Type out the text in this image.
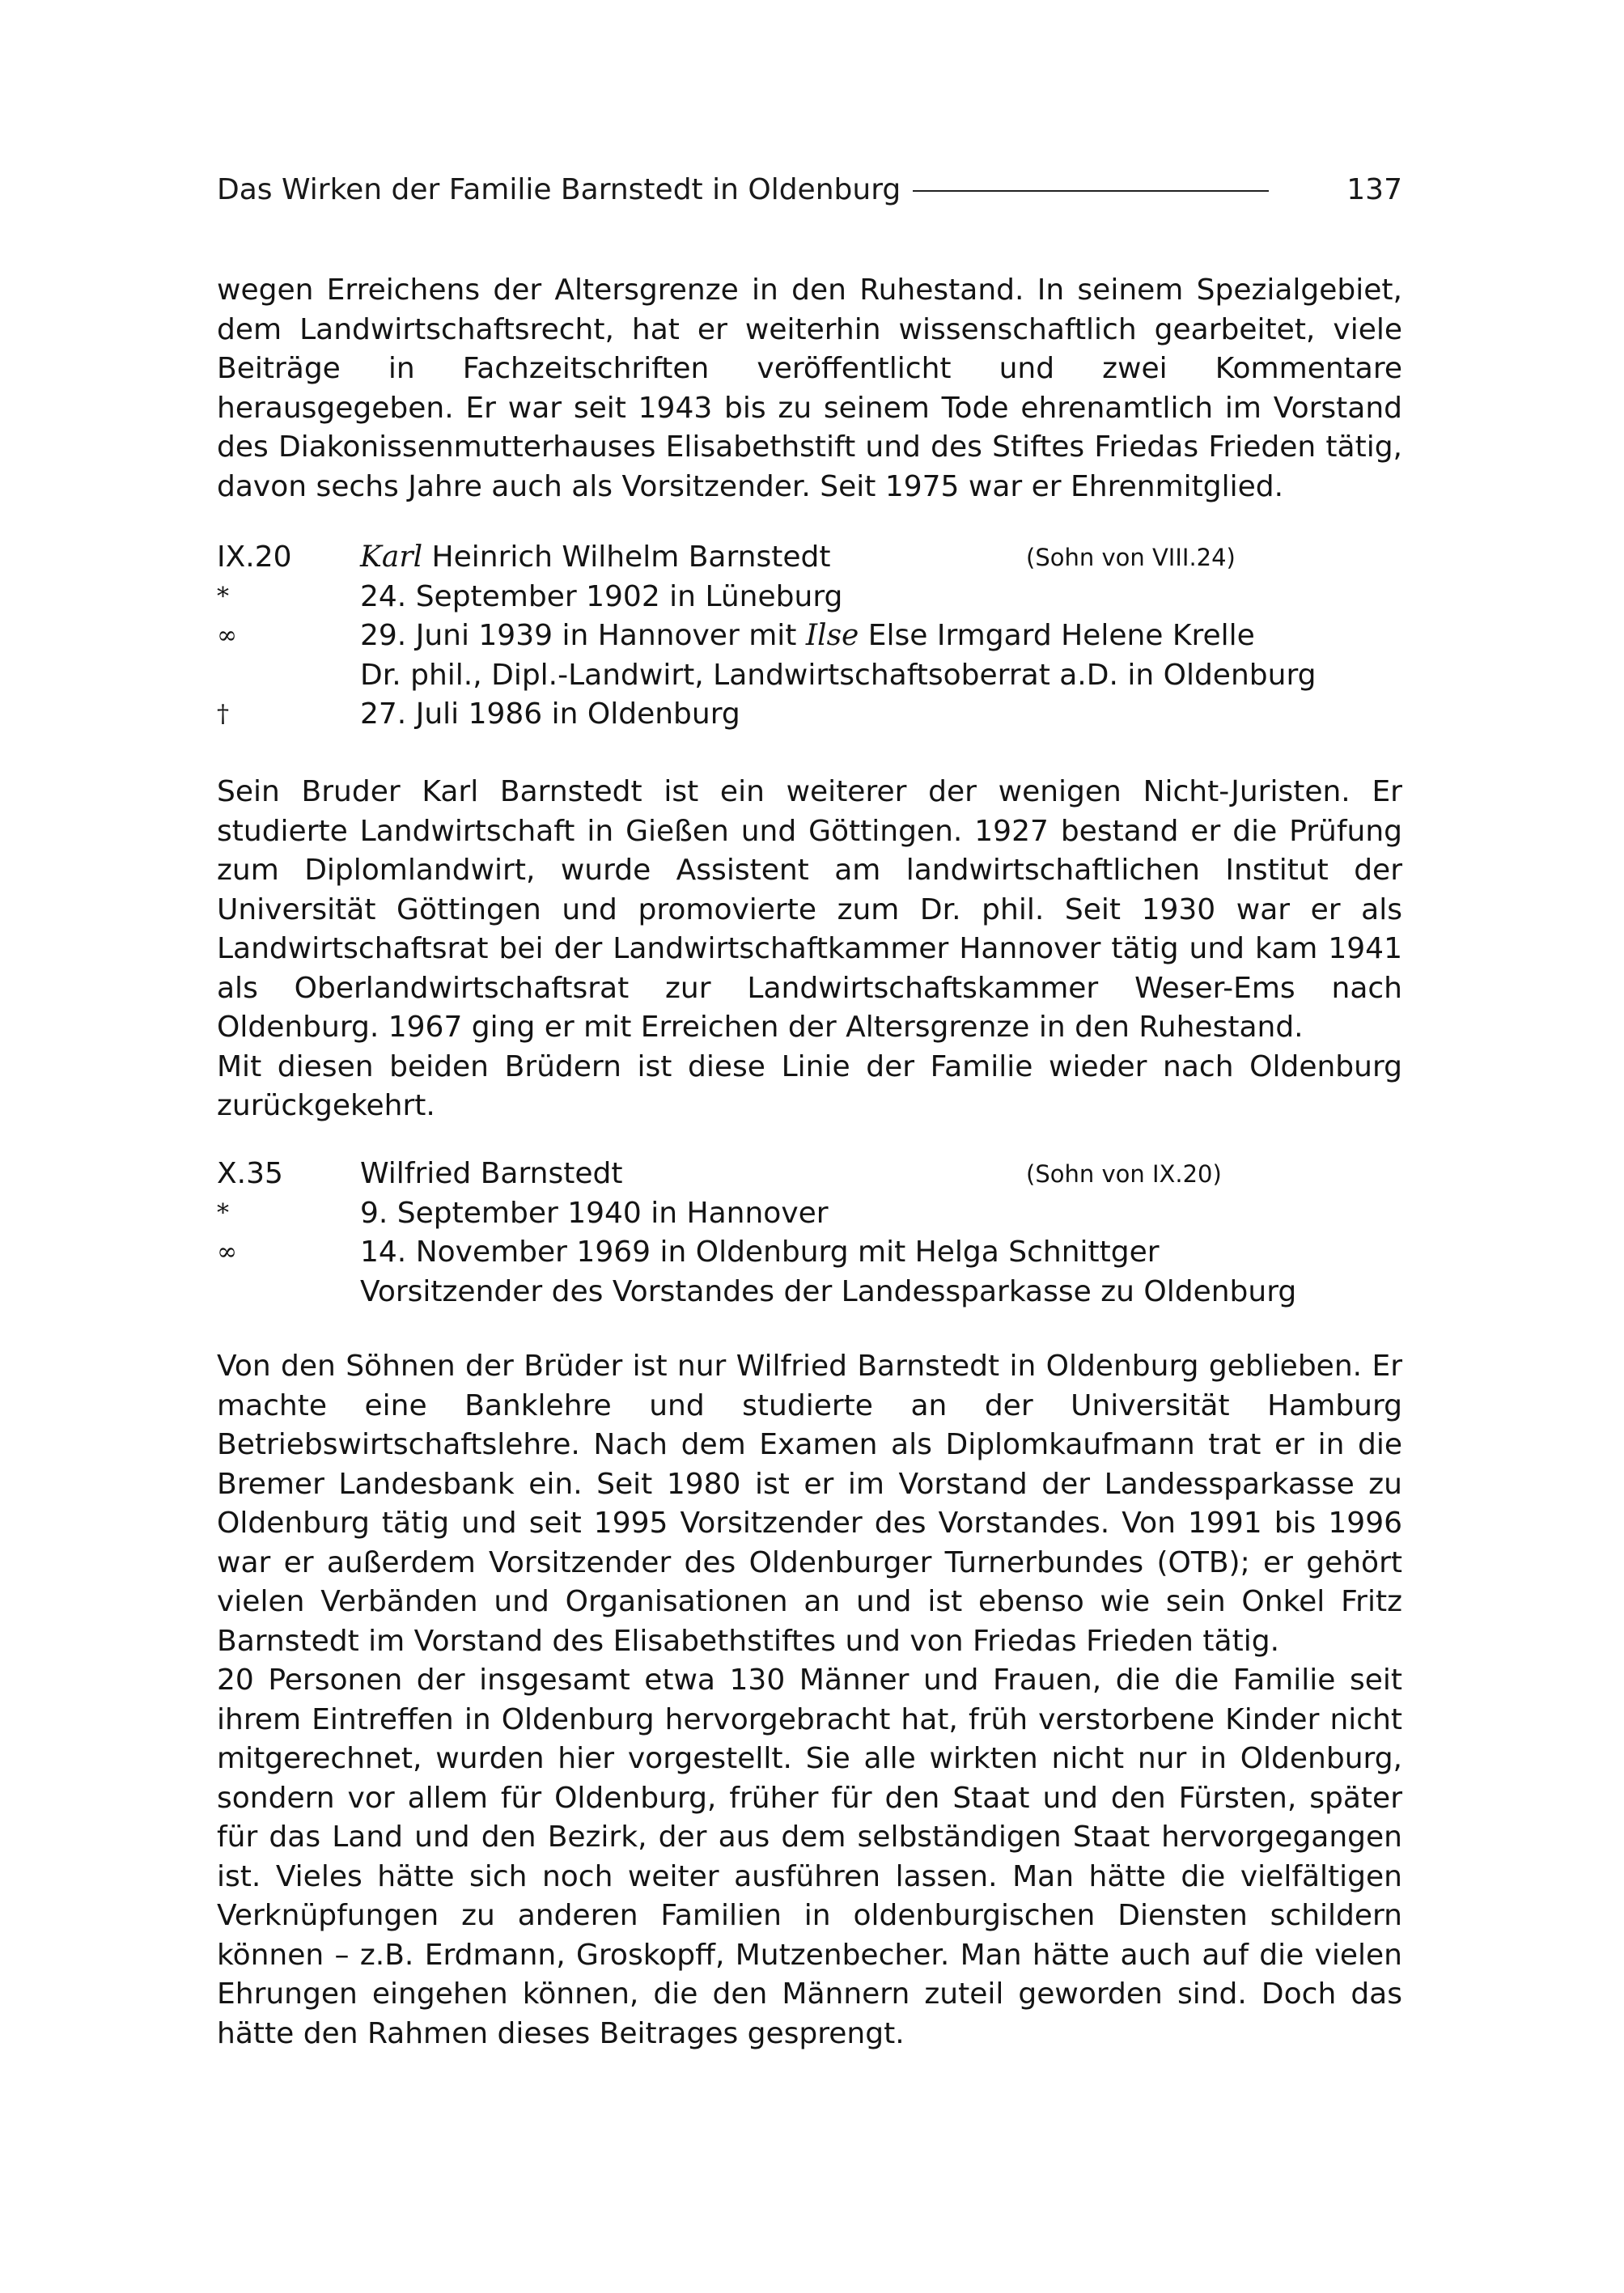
Das Wirken der Familie Barnstedt in Oldenburg	137

wegen Erreichens der Altersgrenze in den Ruhestand. In seinem Spezialgebiet, dem Landwirtschaftsrecht, hat er weiterhin wissenschaftlich gearbeitet, viele Beiträge in Fachzeitschriften veröffentlicht und zwei Kommentare herausgegeben. Er war seit 1943 bis zu seinem Tode ehrenamtlich im Vorstand des Diakonissenmutterhauses Elisabethstift und des Stiftes Friedas Frieden tätig, davon sechs Jahre auch als Vorsitzender. Seit 1975 war er Ehrenmitglied.

IX.20 Karl Heinrich Wilhelm Barnstedt	(Sohn von VIII.24)
*	24. September 1902 in Lüneburg
∞	29. Juni 1939 in Hannover mit Ilse Else Irmgard Helene Krelle
Dr. phil., Dipl.-Landwirt, Landwirtschaftsoberrat a.D. in Oldenburg
†	27. Juli 1986 in Oldenburg

Sein Bruder Karl Barnstedt ist ein weiterer der wenigen Nicht-Juristen. Er studierte Landwirtschaft in Gießen und Göttingen. 1927 bestand er die Prüfung zum Diplomlandwirt, wurde Assistent am landwirtschaftlichen Institut der Universität Göttingen und promovierte zum Dr. phil. Seit 1930 war er als Landwirtschaftsrat bei der Landwirtschaftkammer Hannover tätig und kam 1941 als Oberlandwirtschaftsrat zur Landwirtschaftskammer Weser-Ems nach Oldenburg. 1967 ging er mit Erreichen der Altersgrenze in den Ruhestand.

Mit diesen beiden Brüdern ist diese Linie der Familie wieder nach Oldenburg zurückgekehrt.

X.35	Wilfried Barnstedt	(Sohn von IX.20)
*	9. September 1940 in Hannover
∞	14. November 1969 in Oldenburg mit Helga Schnittger
Vorsitzender des Vorstandes der Landessparkasse zu Oldenburg

Von den Söhnen der Brüder ist nur Wilfried Barnstedt in Oldenburg geblieben. Er machte eine Banklehre und studierte an der Universität Hamburg Betriebswirtschaftslehre. Nach dem Examen als Diplomkaufmann trat er in die Bremer Landesbank ein. Seit 1980 ist er im Vorstand der Landessparkasse zu Oldenburg tätig und seit 1995 Vorsitzender des Vorstandes. Von 1991 bis 1996 war er außerdem Vorsitzender des Oldenburger Turnerbundes (OTB); er gehört vielen Verbänden und Organisationen an und ist ebenso wie sein Onkel Fritz Barnstedt im Vorstand des Elisabethstiftes und von Friedas Frieden tätig.

20 Personen der insgesamt etwa 130 Männer und Frauen, die die Familie seit ihrem Eintreffen in Oldenburg hervorgebracht hat, früh verstorbene Kinder nicht mitgerechnet, wurden hier vorgestellt. Sie alle wirkten nicht nur in Oldenburg, sondern vor allem für Oldenburg, früher für den Staat und den Fürsten, später für das Land und den Bezirk, der aus dem selbständigen Staat hervorgegangen ist. Vieles hätte sich noch weiter ausführen lassen. Man hätte die vielfältigen Verknüpfungen zu anderen Familien in oldenburgischen Diensten schildern können – z.B. Erdmann, Groskopff, Mutzenbecher. Man hätte auch auf die vielen Ehrungen eingehen können, die den Männern zuteil geworden sind. Doch das hätte den Rahmen dieses Beitrages gesprengt.
